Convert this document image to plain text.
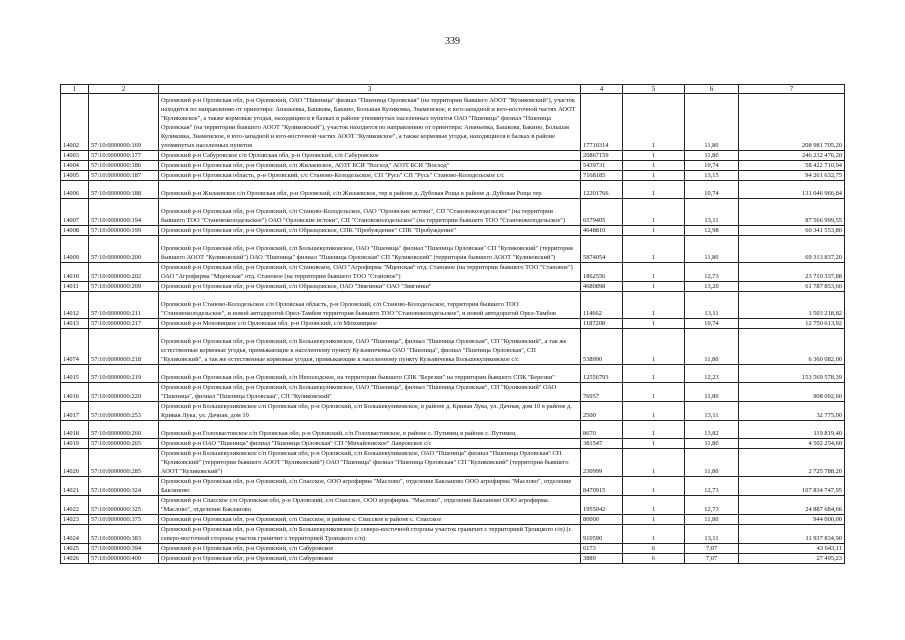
339
1	2	3	4	5	6	7
14002	57:10:0000000:169	Орловский р-н Орловская обл, р-н Орловский, ОАО "Пшеница" филиал "Пшеница Орловская" (на территории бывшего АООТ "Куликовский"), участок находится по направлению от ориентира: Ананьевка, Башкова, Бакино, Большая Куликовка, Знаменское, в юго-западной и юго-восточной частях АООТ "Куликовское", а также кормовые угодья, находящиеся в балках в районе упомянутых населенных пунктов ОАО "Пшеница" филиал "Пшеница Орловская" (на территории бывшего АООТ "Куликовский"), участок находится по направлению от ориентира: Ананьевка, Башкова, Бакино, Большая Куликовка, Знаменское, в юго-западной и юго-восточной частях АООТ "Куликовское", а также кормовые угодья, находящиеся в балках в районе упомянутых населенных пунктов	17710314	1	11,80	208 981 705,20
14003	57:10:0000000:177	Орловский р-н Сабуровское с/п Орловская обл, р-н Орловский, с/п Сабуровское	20867159	1	11,80	246 232 476,20
14004	57:10:0000000:186	Орловский р-н Орловская обл, р-н Орловский, с/п Жилаевское, АОЗТ БСИ "Восход" АОЗТ БСИ "Восход"	5439731	1	10,74	58 422 710,94
14005	57:10:0000000:187	Орловский р-н Орловская область, р-н Орловский, с/с Станово-Колодезьское, СП "Русь" СП "Русь" Станово-Колодезьское с/с	7168185	1	13,15	94 261 632,75
14006	57:10:0000000:188	Орловский р-н Жилаевское с/п Орловская обл, р-н Орловский, с/п Жилаевское, тер в районе д. Дубовая Роща в районе д. Дубовая Роща тер	12201766	1	10,74	131 046 966,84
14007	57:10:0000000:194	Орловский р-н Орловская обл, р-н Орловский, с/п Станово-Колодезьское, ОАО "Орловские истоки", СП "Становоколодезьское" (на территории бывшего ТОО "Становоколодезьское") ОАО "Орловские истоки", СП "Становоколодезьское" (на территории бывшего ТОО "Становоколодезьское")	6579405	1	13,11	87 566 999,55
14008	57:10:0000000:199	Орловский р-н Орловская обл, р-н Орловский, с/п Образцовское, СПК "Пробуждение" СПК "Пробуждение"	4648810	1	12,98	60 341 553,80
14009	57:10:0000000:200	Орловский р-н Орловская обл, р-н Орловский, с/п Большекуликовское, ОАО "Пшеница" филиал "Пшеница Орловская" СП "Куликовский" (территория бывшего АООТ "Куликовский") ОАО "Пшеница" филиал "Пшеница Орловская" СП "Куликовский" (территория бывшего АООТ "Куликовский")	5874054	1	11,80	69 313 837,20
14010	57:10:0000000:202	Орловский р-н Орловская обл, р-н Орловский, с/п Становское, ОАО "Агрофирма "Мценская" отд. Становое (на территории бывшего ТОО "Становое") ОАО "Агрофирма "Мценская" отд. Становое (на территории бывшего ТОО "Становое")	1862556	1	12,73	23 710 337,88
14011	57:10:0000000:209	Орловский р-н Орловская обл, р-н Орловский, с/п Образцовское, ОАО "Звягинки" ОАО "Звягинки"	4680898	1	13,20	61 787 853,60
14012	57:10:0000000:211	Орловский р-н Станово-Колодезьское с/п Орловская область, р-н Орловский, с/п Станово-Колодезьское, территория бывшего ТОО "Становоколодезьское", и новой автодорогой Орел-Тамбов территория бывшего ТОО "Становоколодезьское", и новой автодорогой Орел-Тамбов	114662	1	13,11	1 503 218,82
14013	57:10:0000000:217	Орловский р-н Моховицкое с/п Орловская обл, р-н Орловский, с/п Моховицкое	1187208	1	10,74	12 750 613,92
14074	57:10:0000000:218	Орловский р-н Орловская обл, р-н Орловский, с/п Большекуликовское, ОАО "Пшеница", филиал "Пшеница Орловская", СП "Куликовский", а так же естественные кормовые угодья, примыкающие к населенному пункту Кузьминчевка ОАО "Пшеница", филиал "Пшеница Орловская", СП "Куликовский", а так же естественные кормовые угодья, примыкающие к населенному пункту Кузьмичевка Большекуликовское с/с	538990	1	11,80	6 360 082,00
14015	57:10:0000000:219	Орловский р-н Орловская обл, р-н Орловский, с/п Неполодское, на территории бывшего СПК "Березки" на территории бывшего СПК "Березки"	12556793	1	12,23	153 569 578,39
14016	57:10:0000000:220	Орловский р-н Орловская обл, р-н Орловский, с/п Большекуликовское, ОАО "Пшеница", филиал "Пшеница Орловская", СП "Куликовский" ОАО "Пшеница", филиал "Пшеница Орловская", СП "Куликовский"	76957	1	11,80	908 092,60
14017	57:10:0000000:253	Орловский р-н Большекуликовское с/п Орловская обл, р-н Орловский, с/п Большекуликовское, в районе д. Кривая Лука, ул. Дачная, дом 10 в районе д. Кривая Лука, ул. Дачная, дом 10	2500	1	13,11	32 775,00
14018	57:10:0000000:260	Орловский р-н Голохвастовское с/п Орловская обл, р-н Орловский, с/п Голохвастовское, в районе с. Путимец в районе с. Путимец	8670	1	13,82	119 819,40
14019	57:10:0000000:265	Орловский р-н ОАО "Пшеница" филиал "Пшеница Орловская" СП "Михайловское" Лавровское с/с	381547	1	11,80	4 502 254,60
14020	57:10:0000000:285	Орловский р-н Большекуликовское с/п Орловская обл, р-н Орловский, с/п Большекуликовское, ОАО "Пшеница" филиал "Пшеница Орловская" СП "Куликовский" (территория бывшего АООТ "Куликовский") ОАО "Пшеница" филиал "Пшеница Орловская" СП "Куликовский" (территория бывшего АООТ "Куликовский")	230999	1	11,80	2 725 788,20
14021	57:10:0000000:324	Орловский р-н Орловская обл, р-н Орловский, с/п Спасское, ООО агрофирма "Маслово", отделение Бакланово ООО агрофирма "Маслово", отделение Бакланово	8470915	1	12,73	107 834 747,95
14022	57:10:0000000:325	Орловский р-н Спасское с/п Орловская обл, р-н Орловский, с/п Спасское, ООО агрофирма. "Маслово", отделение Бакланово ООО агрофирма. "Маслово", отделение Бакланово	1955042	1	12,73	24 887 684,66
14023	57:10:0000000:375	Орловский р-н Орловская обл, р-н Орловский, с/п Спасское, в районе с. Спасское в районе с. Спасское	80000	1	11,80	944 000,00
14024	57:10:0000000:383	Орловский р-н Орловская обл, р-н Орловский, с/п Большекуликовское (с северо-восточной стороны участок граничит с территорией Троицкого с/п) (с северо-восточной стороны участок граничит с территорией Троицкого с/п)	910590	1	13,11	11 937 834,90
14025	57:10:0000000:394	Орловский р-н Орловская обл, р-н Орловский, с/п Сабуровское	6173	6	7,07	43 643,11
14026	57:10:0000000:400	Орловский р-н Орловская обл, р-н Орловский, с/п Сабуровское	3889	6	7,07	27 495,23
